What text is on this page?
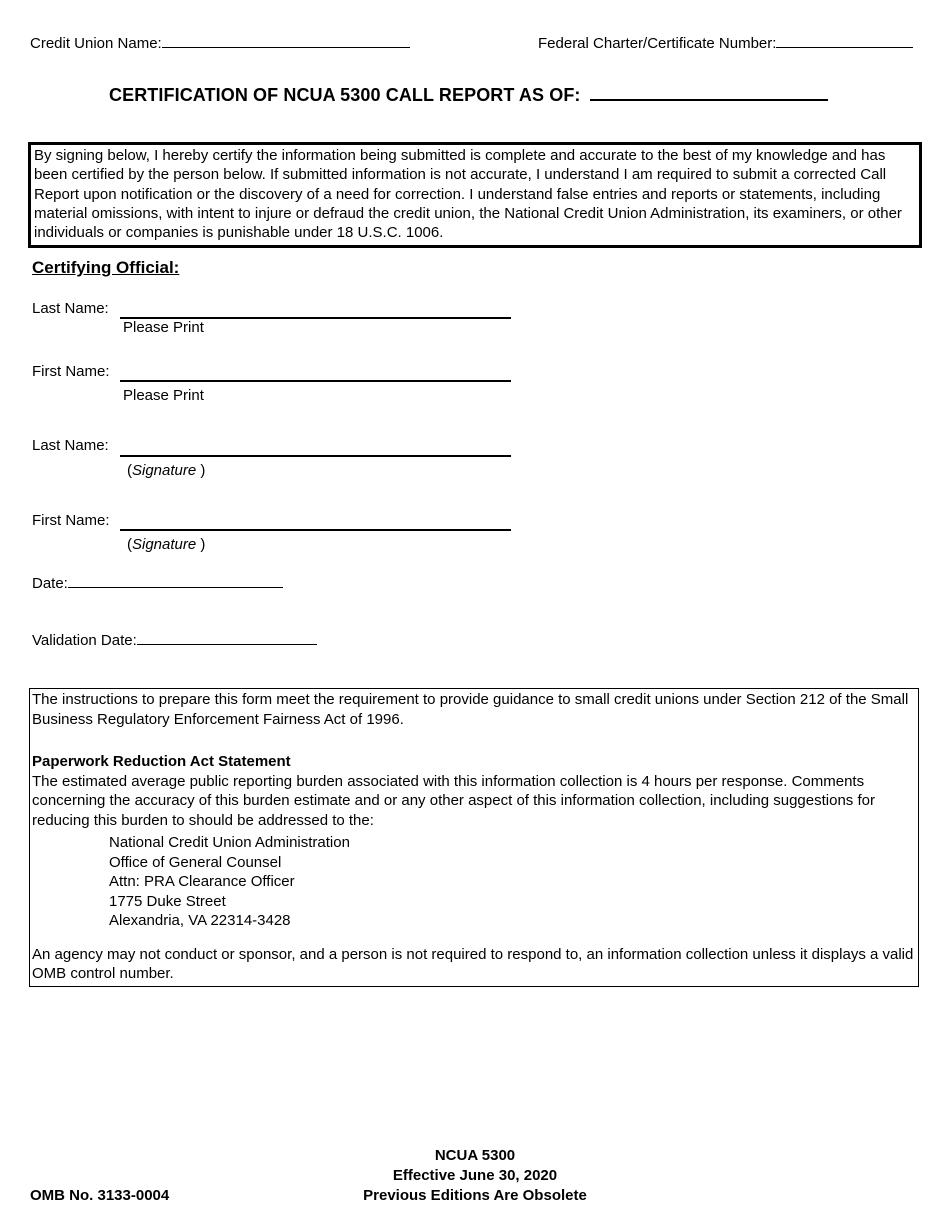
Credit Union Name:	Federal Charter/Certificate Number:
CERTIFICATION OF NCUA 5300 CALL REPORT AS OF:
By signing below, I hereby certify the information being submitted is complete and accurate to the best of my knowledge and has been certified by the person below. If submitted information is not accurate, I understand I am required to submit a corrected Call Report upon notification or the discovery of a need for correction. I understand false entries and reports or statements, including material omissions, with intent to injure or defraud the credit union, the National Credit Union Administration, its examiners, or other individuals or companies is punishable under 18 U.S.C. 1006.
Certifying Official:
Last Name:
Please Print
First Name:
Please Print
Last Name:
(Signature )
First Name:
(Signature )
Date:
Validation Date:

The instructions to prepare this form meet the requirement to provide guidance to small credit unions under Section 212 of the Small Business Regulatory Enforcement Fairness Act of 1996.

Paperwork Reduction Act Statement

The estimated average public reporting burden associated with this information collection is 4 hours per response. Comments concerning the accuracy of this burden estimate and or any other aspect of this information collection, including suggestions for reducing this burden to should be addressed to the:

National Credit Union Administration
Office of General Counsel
Attn: PRA Clearance Officer
1775 Duke Street
Alexandria, VA 22314-3428

An agency may not conduct or sponsor, and a person is not required to respond to, an information collection unless it displays a valid OMB control number.

OMB No. 3133-0004
NCUA 5300
Effective June 30, 2020
Previous Editions Are Obsolete
